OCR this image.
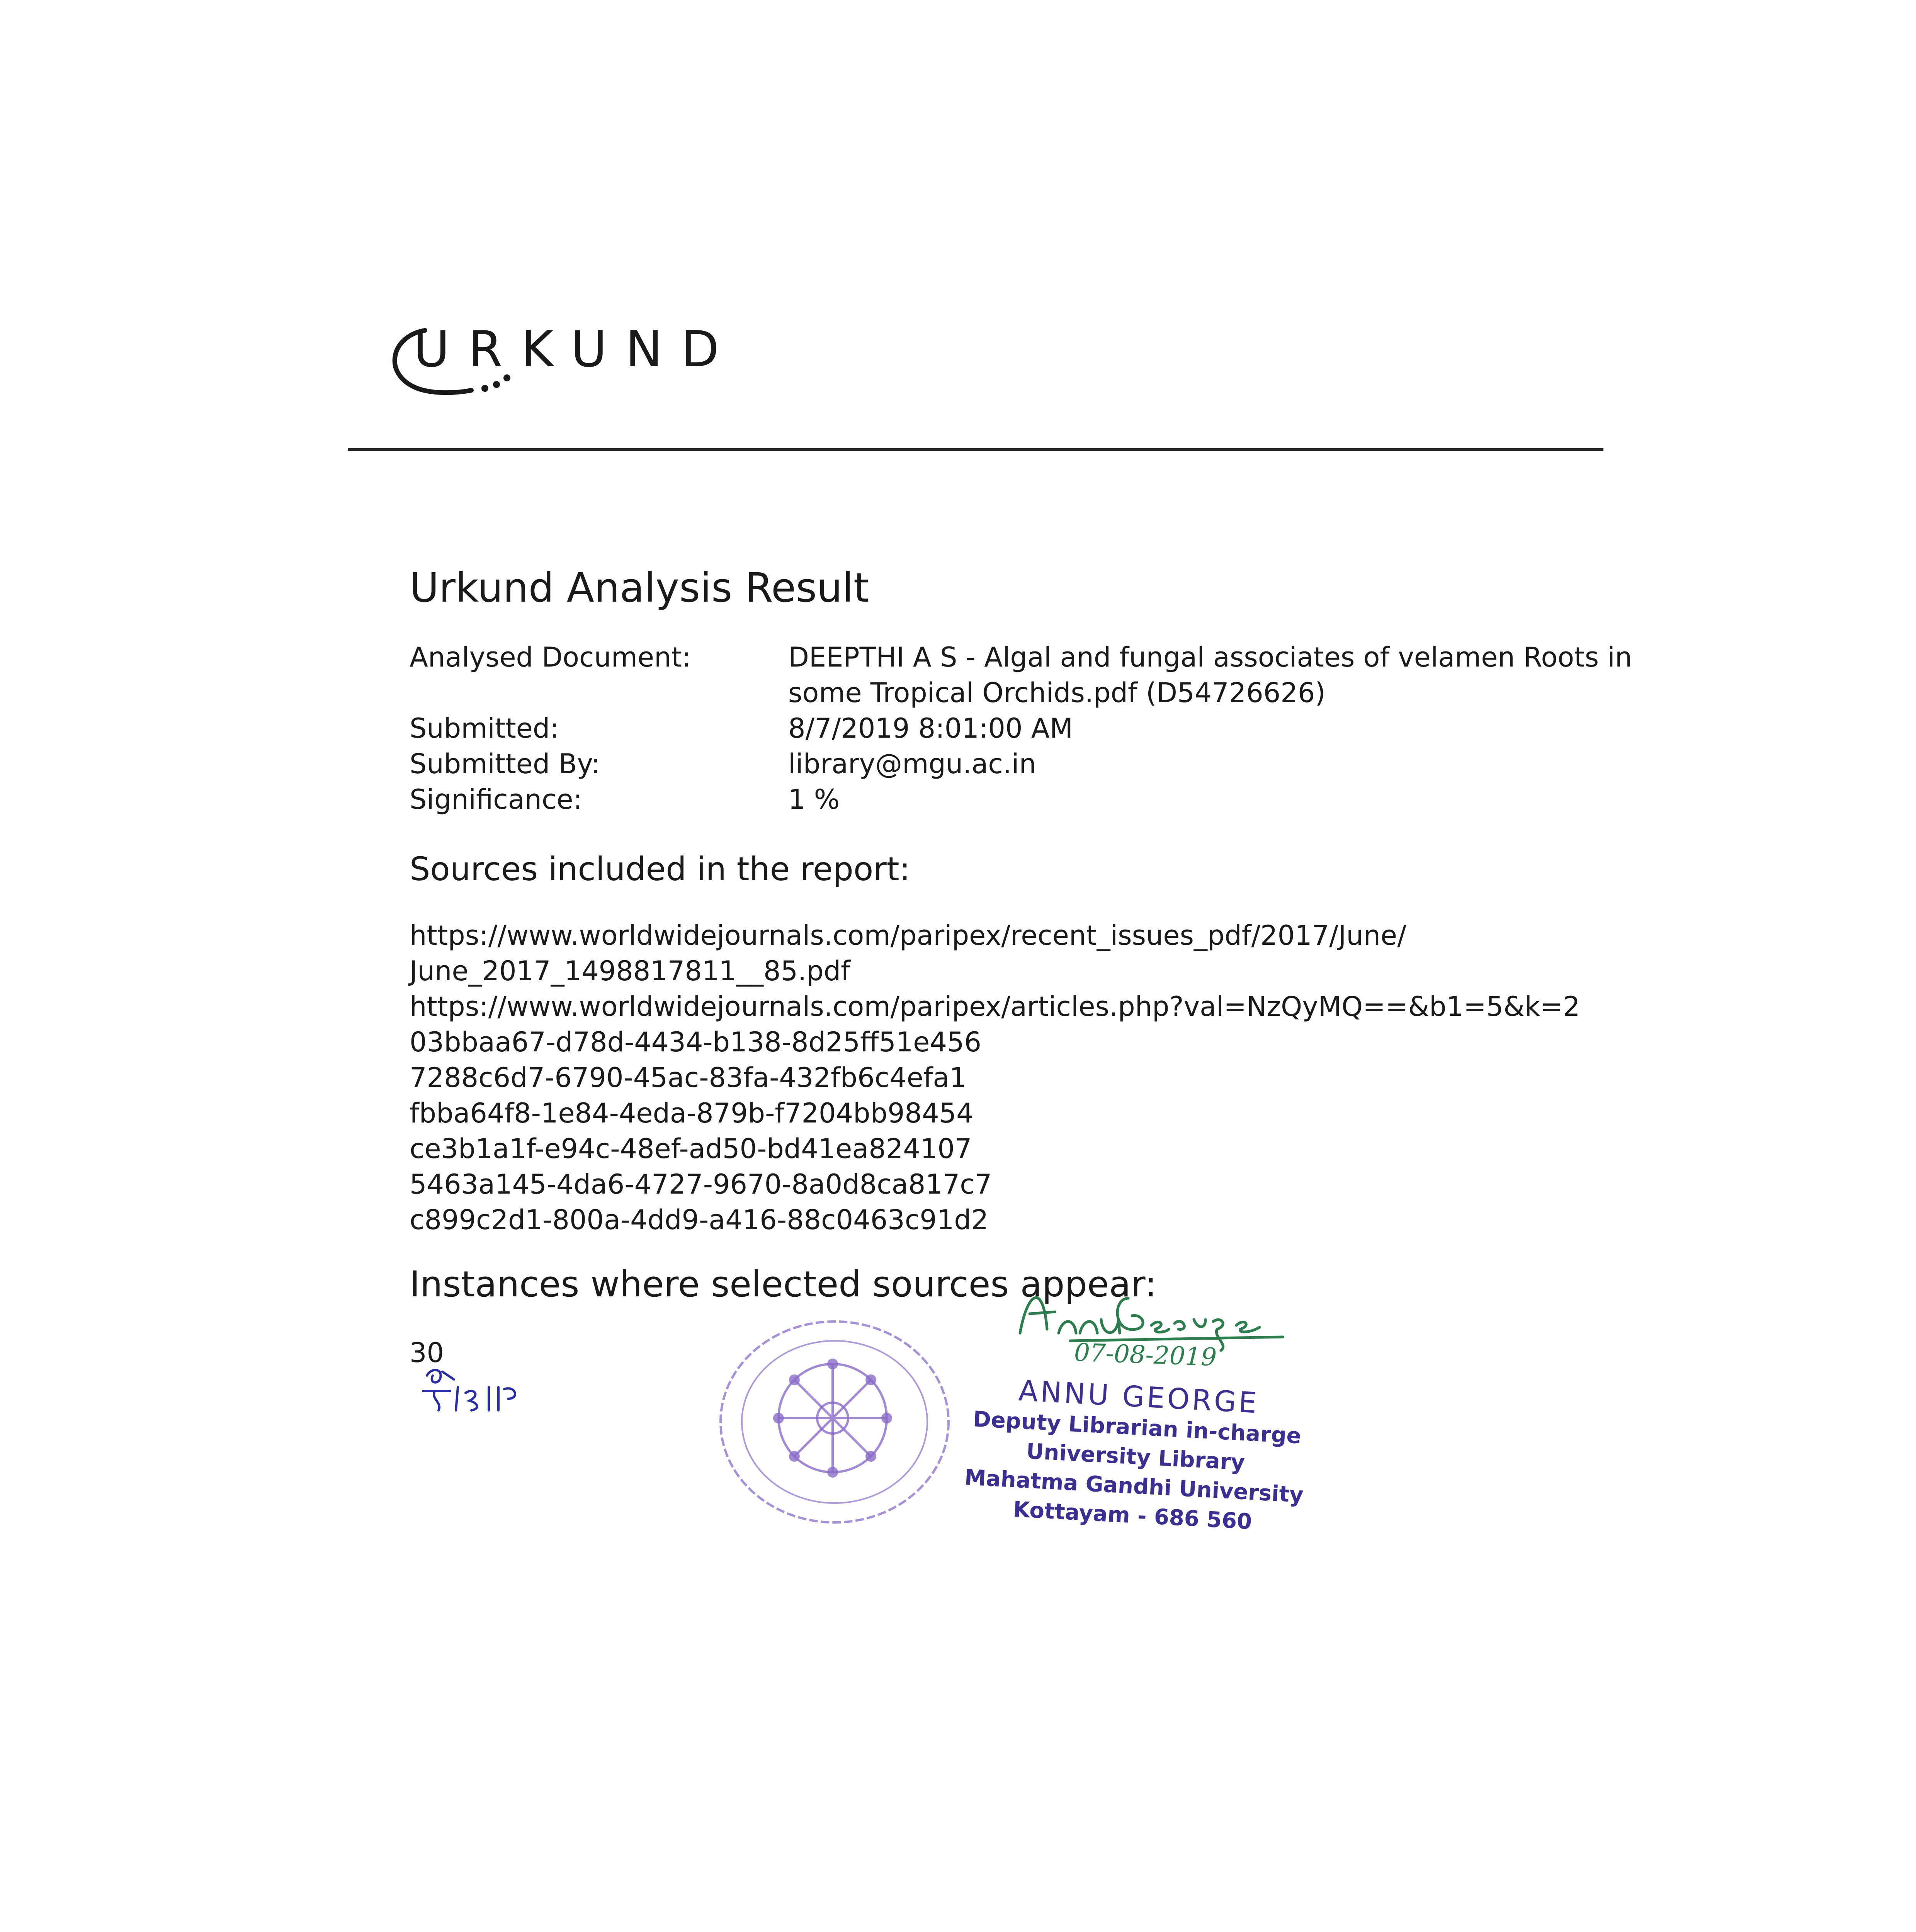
URKUND
Urkund Analysis Result
Analysed Document:	DEEPTHI A S - Algal and fungal associates of velamen Roots in
some Tropical Orchids.pdf (D54726626)
Submitted:	8/7/2019 8:01:00 AM
Submitted By:	library@mgu.ac.in
Significance:	1 %
Sources included in the report:
https://www.worldwidejournals.com/paripex/recent_issues_pdf/2017/June/
June_2017_1498817811__85.pdf
https://www.worldwidejournals.com/paripex/articles.php?val=NzQyMQ==&b1=5&k=2
03bbaa67-d78d-4434-b138-8d25ff51e456
7288c6d7-6790-45ac-83fa-432fb6c4efa1
fbba64f8-1e84-4eda-879b-f7204bb98454
ce3b1a1f-e94c-48ef-ad50-bd41ea824107
5463a145-4da6-4727-9670-8a0d8ca817c7
c899c2d1-800a-4dd9-a416-88c0463c91d2
Instances where selected sources appear:
30	07-08-2019
ANNU GEORGE
Deputy Librarian in-charge
University Library
Mahatma Gandhi University
Kottayam - 686 560
